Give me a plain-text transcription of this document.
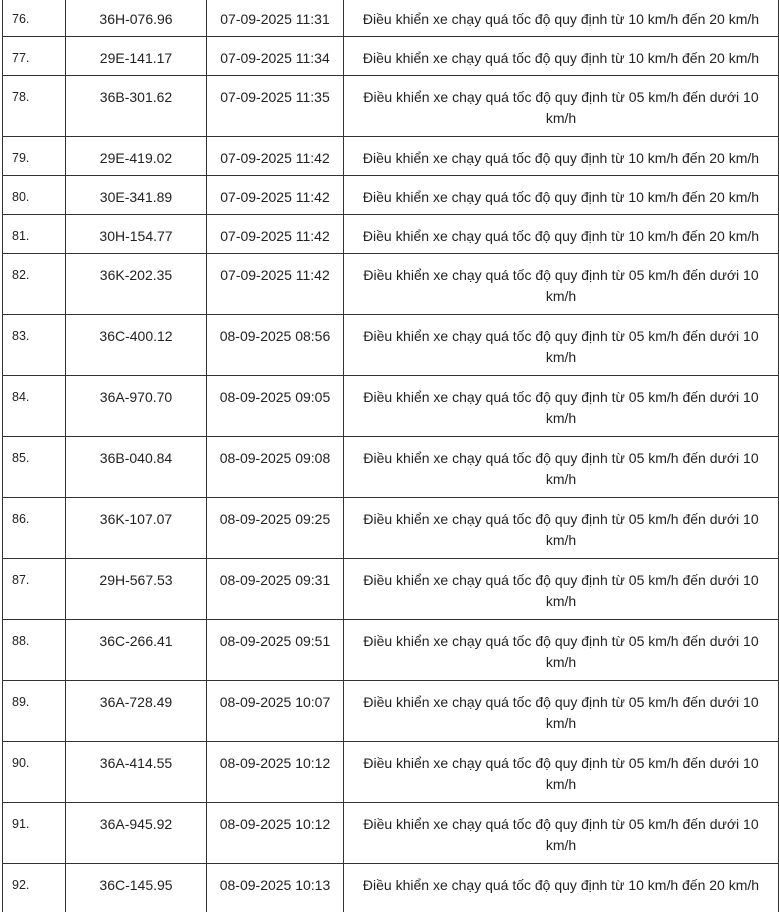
76.	36H-076.96	07-09-2025 11:31	Điều khiển xe chạy quá tốc độ quy định từ 10 km/h đến 20 km/h
77.	29E-141.17	07-09-2025 11:34	Điều khiển xe chạy quá tốc độ quy định từ 10 km/h đến 20 km/h
78.	36B-301.62	07-09-2025 11:35	Điều khiển xe chạy quá tốc độ quy định từ 05 km/h đến dưới 10 km/h
79.	29E-419.02	07-09-2025 11:42	Điều khiển xe chạy quá tốc độ quy định từ 10 km/h đến 20 km/h
80.	30E-341.89	07-09-2025 11:42	Điều khiển xe chạy quá tốc độ quy định từ 10 km/h đến 20 km/h
81.	30H-154.77	07-09-2025 11:42	Điều khiển xe chạy quá tốc độ quy định từ 10 km/h đến 20 km/h
82.	36K-202.35	07-09-2025 11:42	Điều khiển xe chạy quá tốc độ quy định từ 05 km/h đến dưới 10 km/h
83.	36C-400.12	08-09-2025 08:56	Điều khiển xe chạy quá tốc độ quy định từ 05 km/h đến dưới 10 km/h
84.	36A-970.70	08-09-2025 09:05	Điều khiển xe chạy quá tốc độ quy định từ 05 km/h đến dưới 10 km/h
85.	36B-040.84	08-09-2025 09:08	Điều khiển xe chạy quá tốc độ quy định từ 05 km/h đến dưới 10 km/h
86.	36K-107.07	08-09-2025 09:25	Điều khiển xe chạy quá tốc độ quy định từ 05 km/h đến dưới 10 km/h
87.	29H-567.53	08-09-2025 09:31	Điều khiển xe chạy quá tốc độ quy định từ 05 km/h đến dưới 10 km/h
88.	36C-266.41	08-09-2025 09:51	Điều khiển xe chạy quá tốc độ quy định từ 05 km/h đến dưới 10 km/h
89.	36A-728.49	08-09-2025 10:07	Điều khiển xe chạy quá tốc độ quy định từ 05 km/h đến dưới 10 km/h
90.	36A-414.55	08-09-2025 10:12	Điều khiển xe chạy quá tốc độ quy định từ 05 km/h đến dưới 10 km/h
91.	36A-945.92	08-09-2025 10:12	Điều khiển xe chạy quá tốc độ quy định từ 05 km/h đến dưới 10 km/h
92.	36C-145.95	08-09-2025 10:13	Điều khiển xe chạy quá tốc độ quy định từ 10 km/h đến 20 km/h
